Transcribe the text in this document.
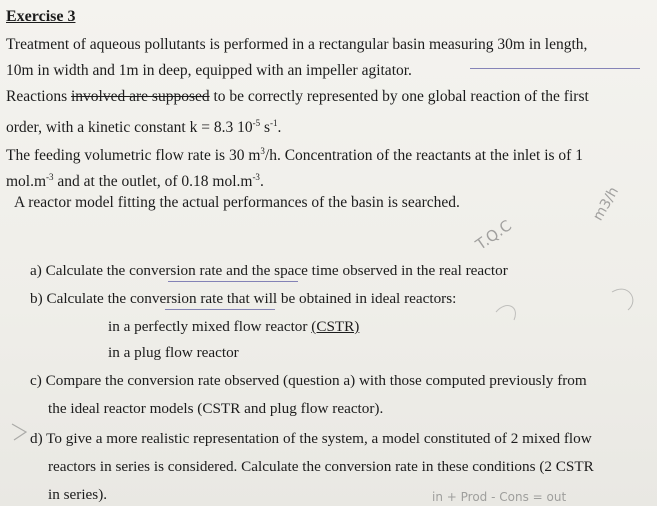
Exercise 3
Treatment of aqueous pollutants is performed in a rectangular basin measuring 30m in length,
10m in width and 1m in deep, equipped with an impeller agitator.
Reactions involved are supposed to be correctly represented by one global reaction of the first
order, with a kinetic constant k = 8.3 $10^{-5}$ $s^{-1}$.
The feeding volumetric flow rate is 30 $m^3/h$. Concentration of the reactants at the inlet is of 1
$mol.m^{-3}$ and at the outlet, of 0.18 $mol.m^{-3}$.
A reactor model fitting the actual performances of the basin is searched.
a) Calculate the conversion rate and the space time observed in the real reactor
b) Calculate the conversion rate that will be obtained in ideal reactors:
in a perfectly mixed flow reactor (CSTR)
in a plug flow reactor
c) Compare the conversion rate observed (question a) with those computed previously from
the ideal reactor models (CSTR and plug flow reactor).
d) To give a more realistic representation of the system, a model constituted of 2 mixed flow
reactors in series is considered. Calculate the conversion rate in these conditions (2 CSTR
in series).
T.Q.C
m3/h
in + Prod - Cons = out
